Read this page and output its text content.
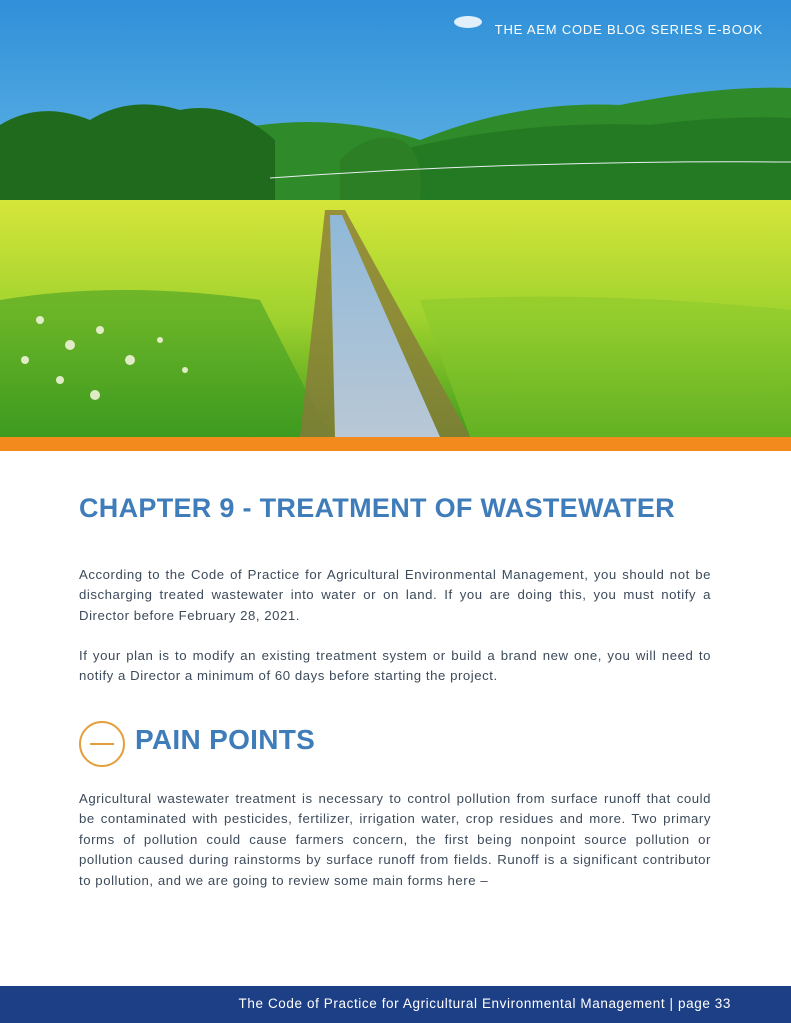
THE AEM CODE BLOG SERIES E-BOOK
CHAPTER 9 - TREATMENT OF WASTEWATER

According to the Code of Practice for Agricultural Environmental Management, you should not be discharging treated wastewater into water or on land. If you are doing this, you must notify a Director before February 28, 2021.

If your plan is to modify an existing treatment system or build a brand new one, you will need to notify a Director a minimum of 60 days before starting the project.

PAIN POINTS

Agricultural wastewater treatment is necessary to control pollution from surface runoff that could be contaminated with pesticides, fertilizer, irrigation water, crop residues and more. Two primary forms of pollution could cause farmers concern, the first being nonpoint source pollution or pollution caused during rainstorms by surface runoff from fields. Runoff is a significant contributor to pollution, and we are going to review some main forms here –

The Code of Practice for Agricultural Environmental Management | page 33
